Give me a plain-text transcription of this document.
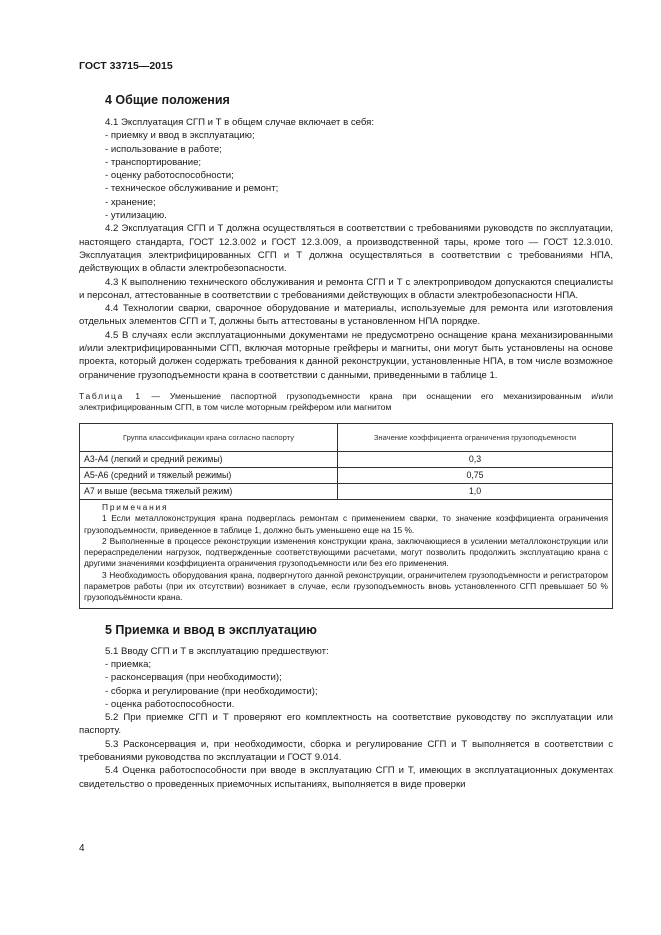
ГОСТ 33715—2015
4 Общие положения

4.1 Эксплуатация СГП и Т в общем случае включает в себя:

- приемку и ввод в эксплуатацию;

- использование в работе;

- транспортирование;

- оценку работоспособности;

- техническое обслуживание и ремонт;

- хранение;

- утилизацию.

4.2 Эксплуатация СГП и Т должна осуществляться в соответствии с требованиями руководств по эксплуатации, настоящего стандарта, ГОСТ 12.3.002 и ГОСТ 12.3.009, а производственной тары, кроме того — ГОСТ 12.3.010. Эксплуатация электрифицированных СГП и Т должна осуществляться в соответствии с требованиями НПА, действующих в области электробезопасности.

4.3 К выполнению технического обслуживания и ремонта СГП и Т с электроприводом допускаются специалисты и персонал, аттестованные в соответствии с требованиями действующих в области электробезопасности НПА.

4.4 Технологии сварки, сварочное оборудование и материалы, используемые для ремонта или изготовления отдельных элементов СГП и Т, должны быть аттестованы в установленном НПА порядке.

4.5 В случаях если эксплуатационными документами не предусмотрено оснащение крана механизированными и/или электрифицированными СГП, включая моторные грейферы и магниты, они могут быть установлены на основе проекта, который должен содержать требования к данной реконструкции, установленные НПА, в том числе возможное ограничение грузоподъемности крана в соответствии с данными, приведенными в таблице 1.

Таблица 1 — Уменьшение паспортной грузоподъемности крана при оснащении его механизированным и/или электрифицированным СГП, в том числе моторным грейфером или магнитом
Группа классификации крана согласно паспорту	Значение коэффициента ограничения грузоподъемности
А3-А4 (легкий и средний режимы)	0,3
А5-А6 (средний и тяжелый режимы)	0,75
А7 и выше (весьма тяжелый режим)	1,0

Примечания

1 Если металлоконструкция крана подверглась ремонтам с применением сварки, то значение коэффициента ограничения грузоподъемности, приведенное в таблице 1, должно быть уменьшено еще на 15 %.

2 Выполненные в процессе реконструкции изменения конструкции крана, заключающиеся в усилении металлоконструкции или перераспределении нагрузок, подтвержденные соответствующими расчетами, могут позволить продолжить эксплуатацию крана с другими значениями коэффициента ограничения грузоподъемности или без его применения.

3 Необходимость оборудования крана, подвергнутого данной реконструкции, ограничителем грузоподъемности и регистратором параметров работы (при их отсутствии) возникает в случае, если грузоподъемность вновь установленного СГП превышает 50 % грузоподъёмности крана.	

5 Приемка и ввод в эксплуатацию

5.1 Вводу СГП и Т в эксплуатацию предшествуют:

- приемка;

- расконсервация (при необходимости);

- сборка и регулирование (при необходимости);

- оценка работоспособности.

5.2 При приемке СГП и Т проверяют его комплектность на соответствие руководству по эксплуатации или паспорту.

5.3 Расконсервация и, при необходимости, сборка и регулирование СГП и Т выполняется в соответствии с требованиями руководства по эксплуатации и ГОСТ 9.014.

5.4 Оценка работоспособности при вводе в эксплуатацию СГП и Т, имеющих в эксплуатационных документах свидетельство о проведенных приемочных испытаниях, выполняется в виде проверки

4
